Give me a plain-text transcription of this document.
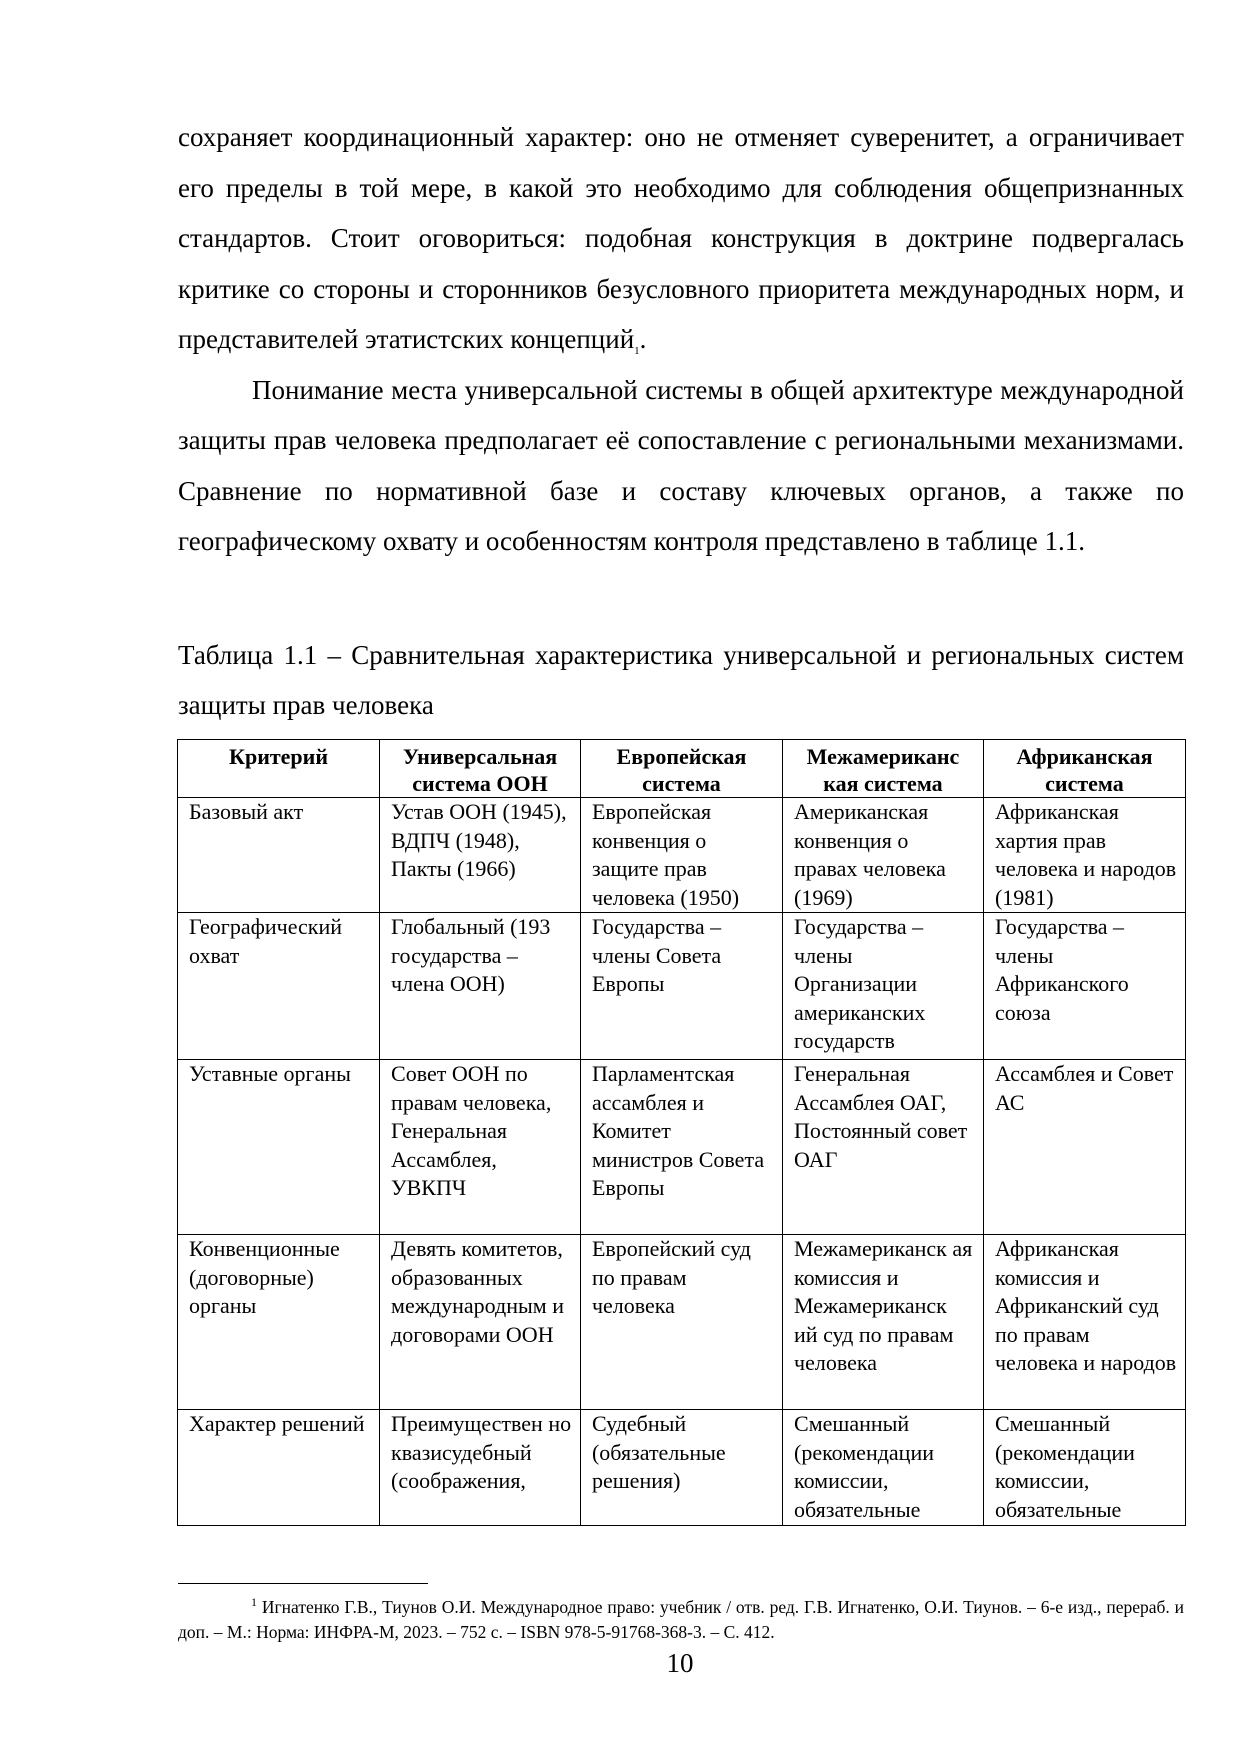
сохраняет координационный характер: оно не отменяет суверенитет, а ограничивает его пределы в той мере, в какой это необходимо для соблюдения общепризнанных стандартов. Стоит оговориться: подобная конструкция в доктрине подвергалась критике со стороны и сторонников безусловного приоритета международных норм, и представителей этатистских концепций$^1$.

Понимание места универсальной системы в общей архитектуре международной защиты прав человека предполагает её сопоставление с региональными механизмами. Сравнение по нормативной базе и составу ключевых органов, а также по географическому охвату и особенностям контроля представлено в таблице 1.1.

Таблица 1.1 – Сравнительная характеристика универсальной и региональных систем защиты прав человека

Критерий	Универсальная система ООН	Европейская система	Межамериканс кая система	Африканская система
Базовый акт	Устав ООН (1945), ВДПЧ (1948), Пакты (1966)	Европейская конвенция о защите прав человека (1950)	Американская конвенция о правах человека (1969)	Африканская хартия прав человека и народов (1981)
Географический охват	Глобальный (193 государства – члена ООН)	Государства – члены Совета Европы	Государства – члены Организации американских государств	Государства – члены Африканского союза
Уставные органы	Совет ООН по правам человека, Генеральная Ассамблея, УВКПЧ	Парламентская ассамблея и Комитет министров Совета Европы	Генеральная Ассамблея ОАГ, Постоянный совет ОАГ	Ассамблея и Совет АС
Конвенционные (договорные) органы	Девять комитетов, образованных международным и договорами ООН	Европейский суд по правам человека	Межамериканск ая комиссия и Межамериканск ий суд по правам человека	Африканская комиссия и Африканский суд по правам человека и народов
Характер решений	Преимуществен но квазисудебный (соображения,	Судебный (обязательные решения)	Смешанный (рекомендации комиссии, обязательные	Смешанный (рекомендации комиссии, обязательные

$^1$ Игнатенко Г.В., Тиунов О.И. Международное право: учебник / отв. ред. Г.В. Игнатенко, О.И. Тиунов. – 6-е изд., перераб. и доп. – М.: Норма: ИНФРА-М, 2023. – 752 с. – ISBN 978-5-91768-368-3. – С. 412.

10
